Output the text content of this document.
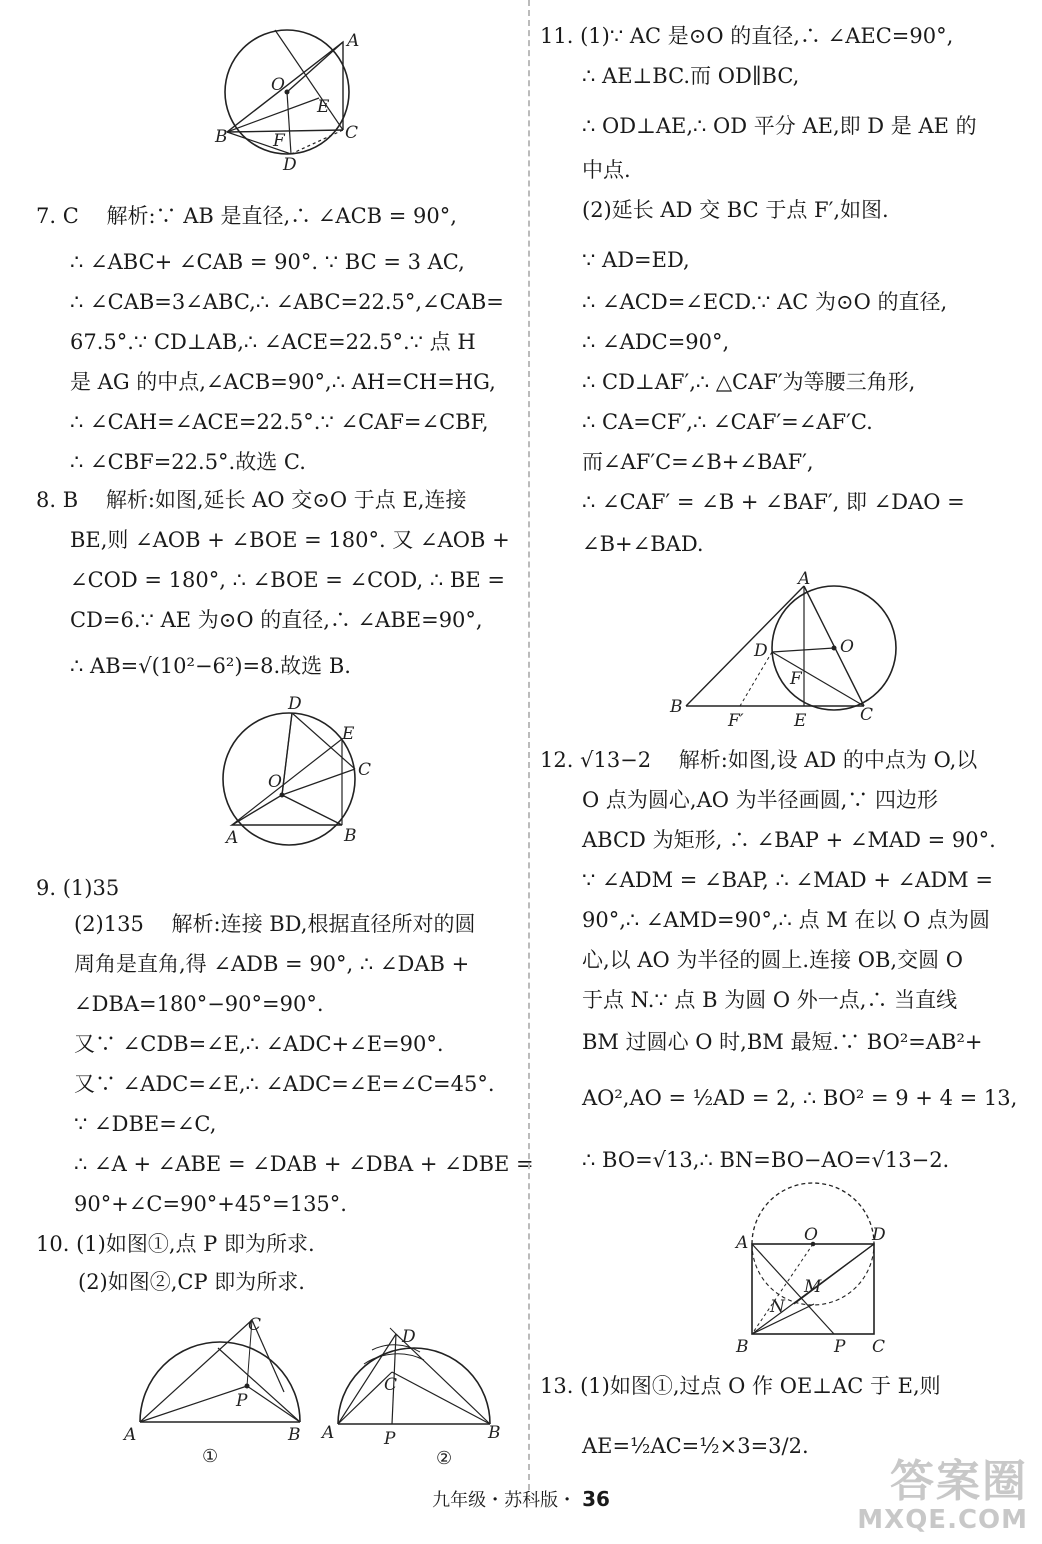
7. C　 解析:∵ AB 是直径,∴ ∠ACB = 90°,
∴ ∠ABC+ ∠CAB = 90°. ∵ BC = 3 AC,
∴ ∠CAB=3∠ABC,∴ ∠ABC=22.5°,∠CAB=
67.5°.∵ CD⊥AB,∴ ∠ACE=22.5°.∵ 点 H
是 AG 的中点,∠ACB=90°,∴ AH=CH=HG,
∴ ∠CAH=∠ACE=22.5°.∵ ∠CAF=∠CBF,
∴ ∠CBF=22.5°.故选 C.
8. B　 解析:如图,延长 AO 交⊙O 于点 E,连接
BE,则 ∠AOB + ∠BOE = 180°. 又 ∠AOB +
∠COD = 180°, ∴ ∠BOE = ∠COD, ∴ BE =
CD=6.∵ AE 为⊙O 的直径,∴ ∠ABE=90°,
∴ AB=√(10²−6²)=8.故选 B.
9. (1)35
(2)135　 解析:连接 BD,根据直径所对的圆
周角是直角,得 ∠ADB = 90°, ∴ ∠DAB +
∠DBA=180°−90°=90°.
又∵ ∠CDB=∠E,∴ ∠ADC+∠E=90°.
又∵ ∠ADC=∠E,∴ ∠ADC=∠E=∠C=45°.
∵ ∠DBE=∠C,
∴ ∠A + ∠ABE = ∠DAB + ∠DBA + ∠DBE =
90°+∠C=90°+45°=135°.
10. (1)如图①,点 P 即为所求.
(2)如图②,CP 即为所求.
11. (1)∵ AC 是⊙O 的直径,∴ ∠AEC=90°,
∴ AE⊥BC.而 OD∥BC,
∴ OD⊥AE,∴ OD 平分 AE,即 D 是 AE 的
中点.
(2)延长 AD 交 BC 于点 F′,如图.
∵ AD=ED,
∴ ∠ACD=∠ECD.∵ AC 为⊙O 的直径,
∴ ∠ADC=90°,
∴ CD⊥AF′,∴ △CAF′为等腰三角形,
∴ CA=CF′,∴ ∠CAF′=∠AF′C.
而∠AF′C=∠B+∠BAF′,
∴ ∠CAF′ = ∠B + ∠BAF′, 即 ∠DAO =
∠B+∠BAD.
12. √13−2　 解析:如图,设 AD 的中点为 O,以
O 点为圆心,AO 为半径画圆,∵ 四边形
ABCD 为矩形, ∴ ∠BAP + ∠MAD = 90°.
∵ ∠ADM = ∠BAP, ∴ ∠MAD + ∠ADM =
90°,∴ ∠AMD=90°,∴ 点 M 在以 O 点为圆
心,以 AO 为半径的圆上.连接 OB,交圆 O
于点 N.∵ 点 B 为圆 O 外一点,∴ 当直线
BM 过圆心 O 时,BM 最短.∵ BO²=AB²+
AO²,AO = ½AD = 2, ∴ BO² = 9 + 4 = 13,
∴ BO=√13,∴ BN=BO−AO=√13−2.
13. (1)如图①,过点 O 作 OE⊥AC 于 E,则
AE=½AC=½×3=3/2.
A
O
E
B	F	C
D
D
E
C
O
A	B
C
P
A	B
①
D
C
A	P	B
②
A
D	O
F
B
F′	E	C
A	O	D
M
N
B	P C
九年级・苏科版・ 36	答案圈
MXQE.COM
